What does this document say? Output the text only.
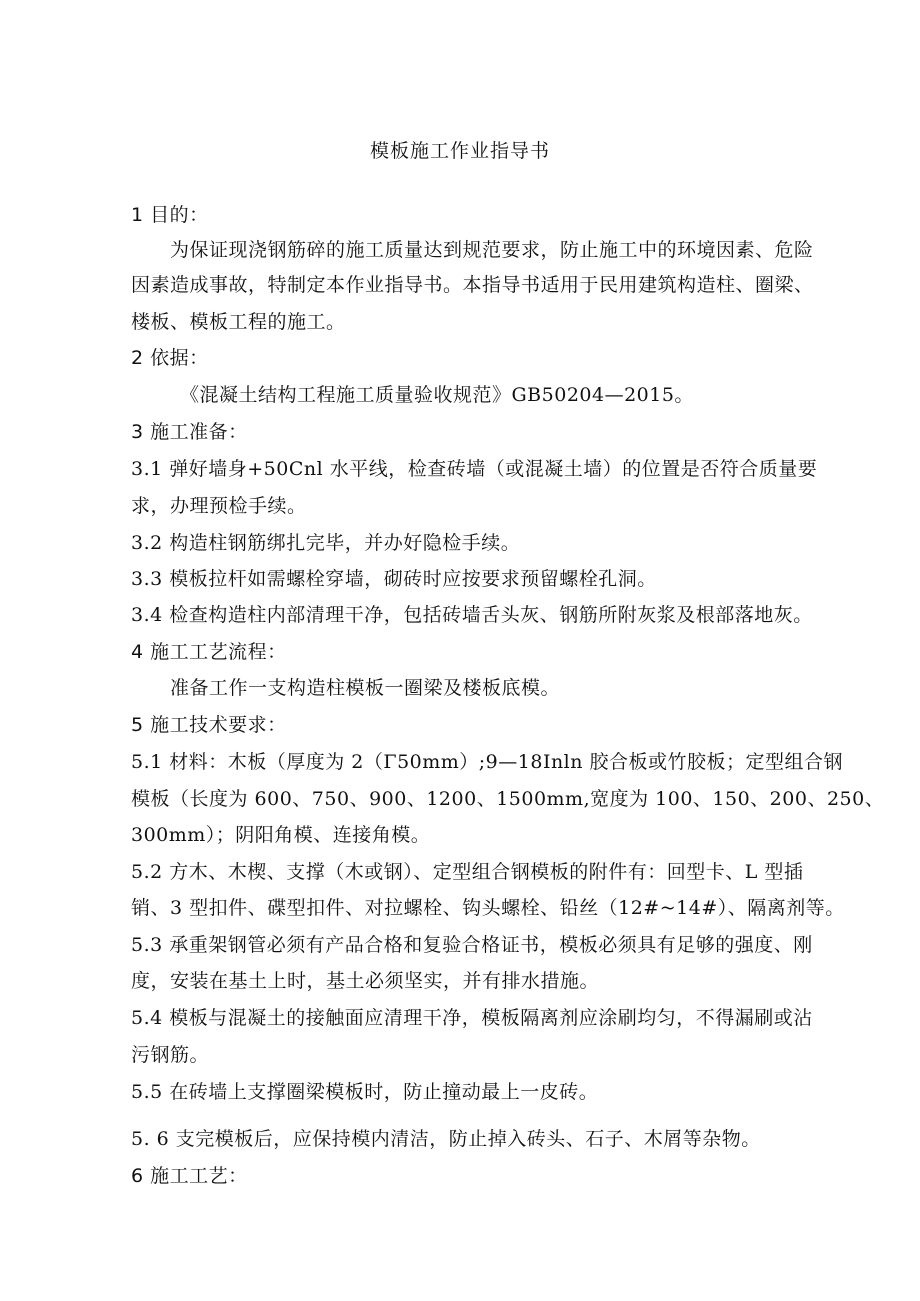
模板施工作业指导书
1 目的：
为保证现浇钢筋碎的施工质量达到规范要求，防止施工中的环境因素、危险
因素造成事故，特制定本作业指导书。本指导书适用于民用建筑构造柱、圈梁、
楼板、模板工程的施工。
2 依据：
《混凝土结构工程施工质量验收规范》GB50204—2015。
3 施工准备：
3.1 弹好墙身+50Cnl 水平线，检查砖墙（或混凝土墙）的位置是否符合质量要
求，办理预检手续。
3.2 构造柱钢筋绑扎完毕，并办好隐检手续。
3.3 模板拉杆如需螺栓穿墙，砌砖时应按要求预留螺栓孔洞。
3.4 检查构造柱内部清理干净，包括砖墙舌头灰、钢筋所附灰浆及根部落地灰。
4 施工工艺流程：
准备工作一支构造柱模板一圈梁及楼板底模。
5 施工技术要求：
5.1 材料：木板（厚度为 2（Γ50mm）;9—18Inln 胶合板或竹胶板；定型组合钢
模板（长度为 600、750、900、1200、1500mm,宽度为 100、150、200、250、
300mm）；阴阳角模、连接角模。
5.2 方木、木楔、支撑（木或钢）、定型组合钢模板的附件有：回型卡、L 型插
销、3 型扣件、碟型扣件、对拉螺栓、钩头螺栓、铅丝（12#~14#）、隔离剂等。
5.3 承重架钢管必须有产品合格和复验合格证书，模板必须具有足够的强度、刚
度，安装在基土上时，基土必须坚实，并有排水措施。
5.4 模板与混凝土的接触面应清理干净，模板隔离剂应涂刷均匀，不得漏刷或沾
污钢筋。
5.5 在砖墙上支撑圈梁模板时，防止撞动最上一皮砖。
5. 6 支完模板后，应保持模内清洁，防止掉入砖头、石子、木屑等杂物。
6 施工工艺：
